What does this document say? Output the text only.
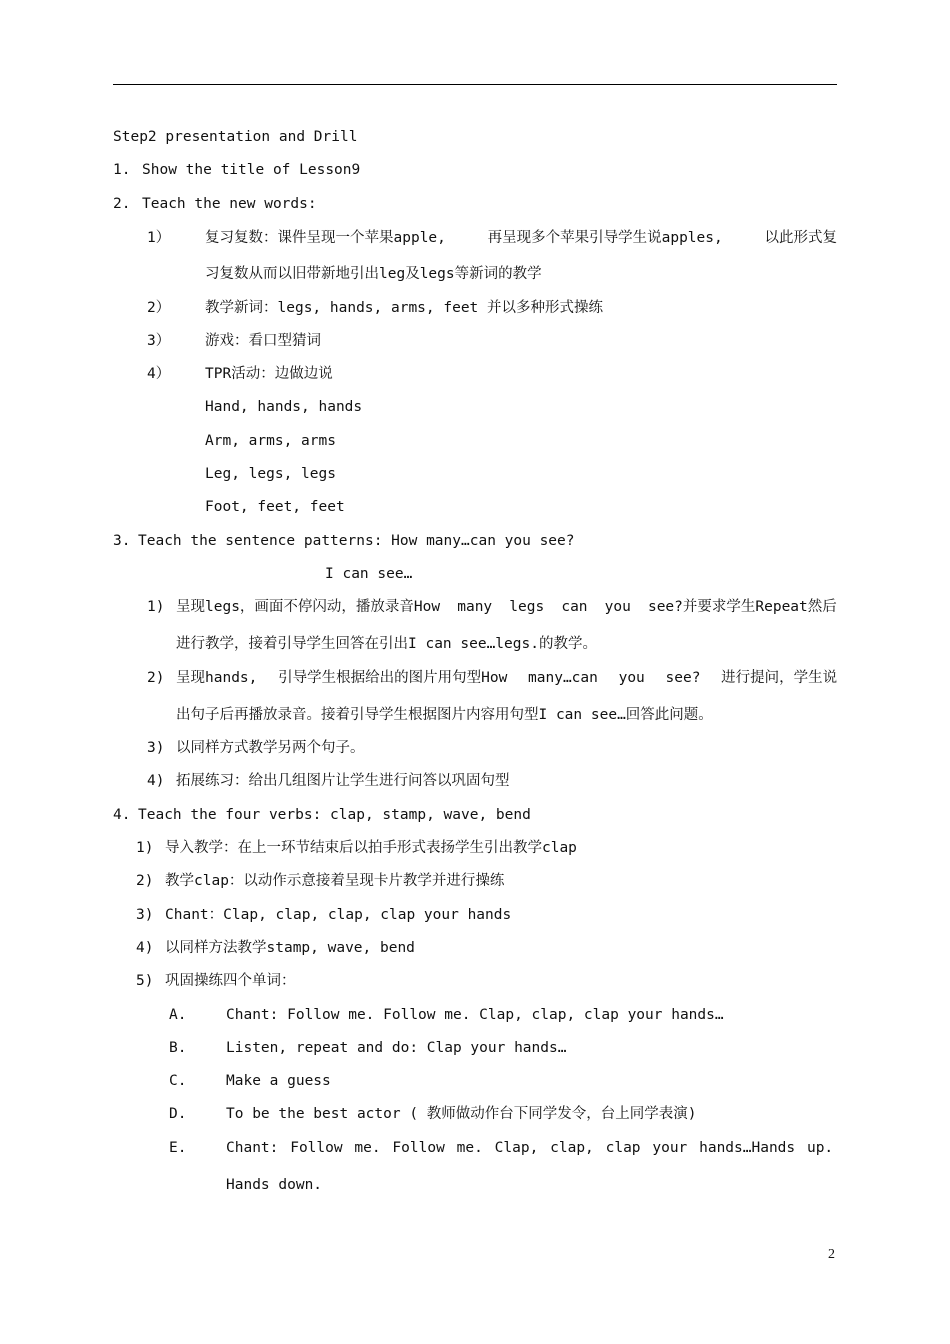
Step2 presentation and Drill
1. Show the title of Lesson9
2. Teach the new words:
1） 复习复数：课件呈现一个苹果apple, 再呈现多个苹果引导学生说apples, 以此形式复
习复数从而以旧带新地引出leg及legs等新词的教学
2） 教学新词：legs, hands, arms, feet 并以多种形式操练
3） 游戏：看口型猜词
4） TPR活动：边做边说
Hand, hands, hands
Arm, arms, arms
Leg, legs, legs
Foot, feet, feet
3. Teach the sentence patterns: How many…can you see?
I can see…
1) 呈现legs，画面不停闪动，播放录音How many legs can you see?并要求学生Repeat然后
进行教学，接着引导学生回答在引出I can see…legs.的教学。
2) 呈现hands, 引导学生根据给出的图片用句型How many…can you see? 进行提问，学生说
出句子后再播放录音。接着引导学生根据图片内容用句型I can see…回答此问题。
3) 以同样方式教学另两个句子。
4) 拓展练习：给出几组图片让学生进行问答以巩固句型
4. Teach the four verbs: clap, stamp, wave, bend
1) 导入教学：在上一环节结束后以拍手形式表扬学生引出教学clap
2) 教学clap：以动作示意接着呈现卡片教学并进行操练
3) Chant：Clap, clap, clap, clap your hands
4) 以同样方法教学stamp, wave, bend
5) 巩固操练四个单词：
A.	Chant: Follow me. Follow me. Clap, clap, clap your hands…
B.	Listen, repeat and do: Clap your hands…
C.	Make a guess
D.	To be the best actor ( 教师做动作台下同学发令，台上同学表演)
E.	Chant: Follow me. Follow me. Clap, clap, clap your hands…Hands up.
Hands down.
2
